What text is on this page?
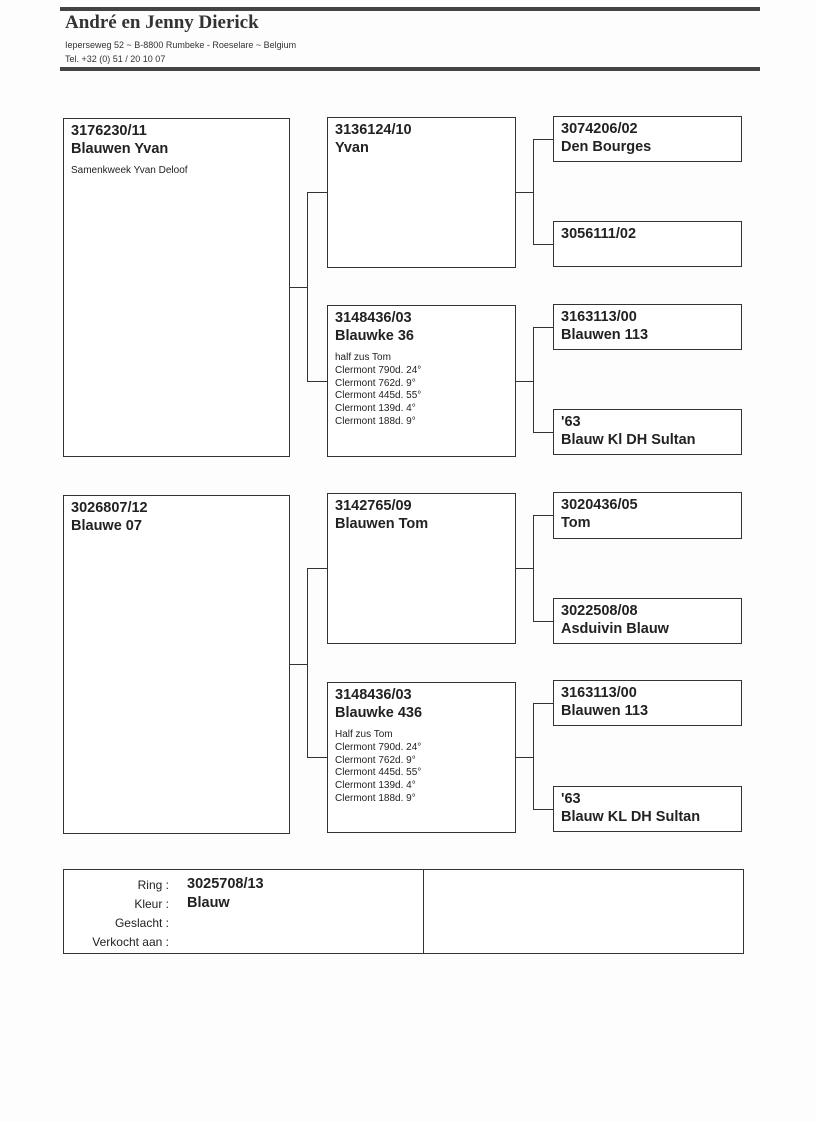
André en Jenny Dierick
Ieperseweg 52 ~ B-8800 Rumbeke - Roeselare ~ Belgium
Tel. +32 (0) 51 / 20 10 07
3176230/11
Blauwen Yvan
Samenkweek Yvan Deloof
3026807/12
Blauwe 07
3136124/10
Yvan
3148436/03
Blauwke 36
half zus Tom
Clermont 790d. 24°
Clermont 762d. 9°
Clermont 445d. 55°
Clermont 139d. 4°
Clermont 188d. 9°
3142765/09
Blauwen Tom
3148436/03
Blauwke 436
Half zus Tom
Clermont 790d. 24°
Clermont 762d. 9°
Clermont 445d. 55°
Clermont 139d. 4°
Clermont 188d. 9°
3074206/02
Den Bourges
3056111/02
3163113/00
Blauwen 113
'63
Blauw Kl DH Sultan
3020436/05
Tom
3022508/08
Asduivin Blauw
3163113/00
Blauwen 113
'63
Blauw KL DH Sultan
Ring : 3025708/13
Kleur : Blauw
Geslacht :
Verkocht aan :
